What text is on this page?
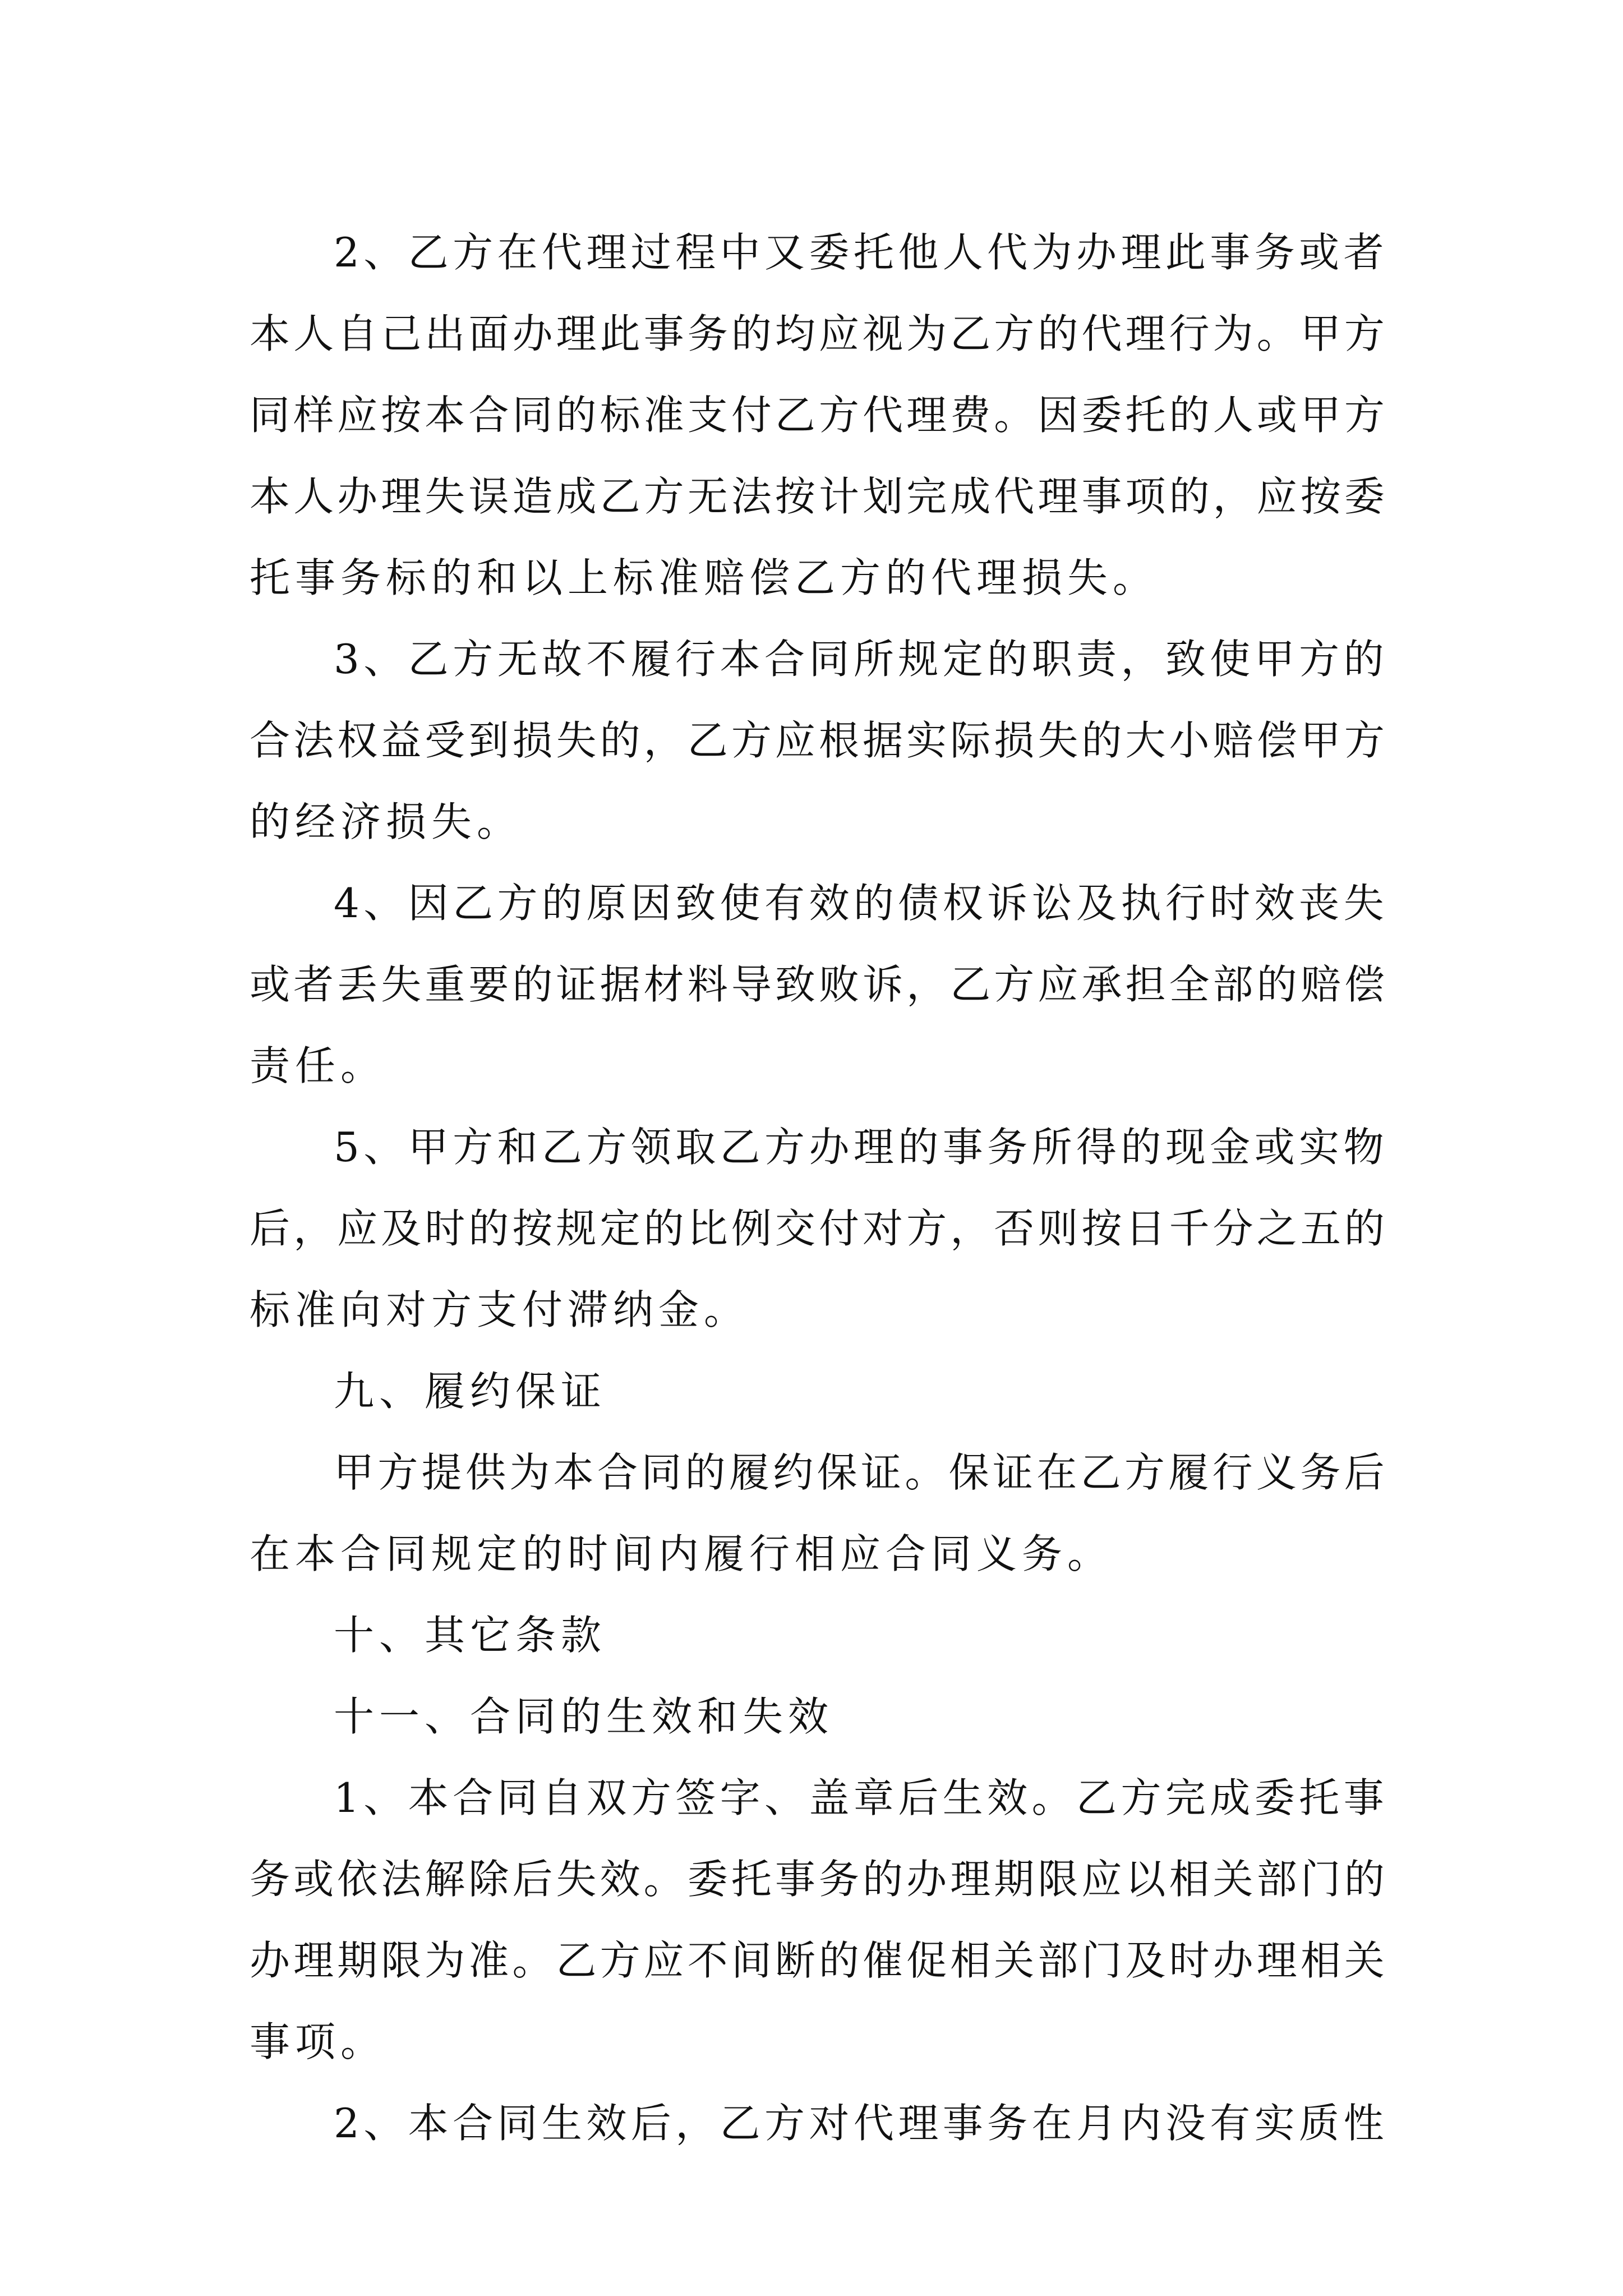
2、乙方在代理过程中又委托他人代为办理此事务或者
本人自己出面办理此事务的均应视为乙方的代理行为。甲方
同样应按本合同的标准支付乙方代理费。因委托的人或甲方
本人办理失误造成乙方无法按计划完成代理事项的，应按委
托事务标的和以上标准赔偿乙方的代理损失。
3、乙方无故不履行本合同所规定的职责，致使甲方的
合法权益受到损失的，乙方应根据实际损失的大小赔偿甲方
的经济损失。
4、因乙方的原因致使有效的债权诉讼及执行时效丧失
或者丢失重要的证据材料导致败诉，乙方应承担全部的赔偿
责任。
5、甲方和乙方领取乙方办理的事务所得的现金或实物
后，应及时的按规定的比例交付对方，否则按日千分之五的
标准向对方支付滞纳金。
九、履约保证
甲方提供为本合同的履约保证。保证在乙方履行义务后
在本合同规定的时间内履行相应合同义务。
十、其它条款
十一、合同的生效和失效
1、本合同自双方签字、盖章后生效。乙方完成委托事
务或依法解除后失效。委托事务的办理期限应以相关部门的
办理期限为准。乙方应不间断的催促相关部门及时办理相关
事项。
2、本合同生效后，乙方对代理事务在月内没有实质性
